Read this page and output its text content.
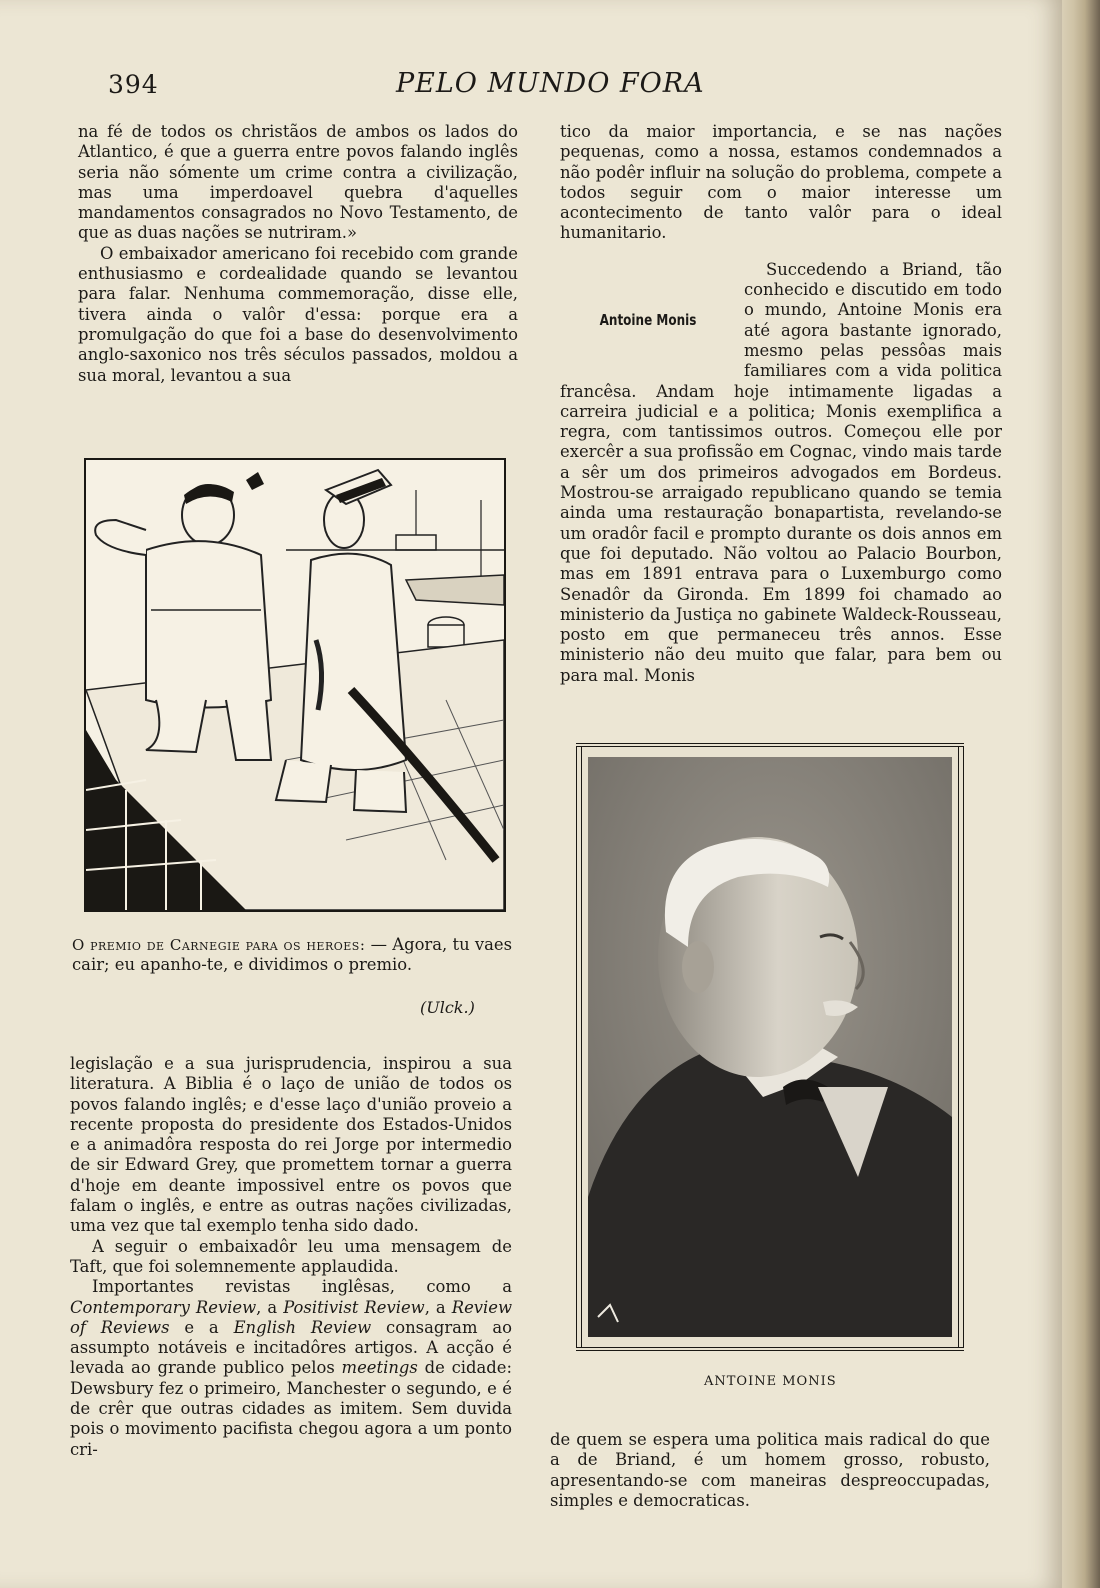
394	PELO MUNDO FORA

na fé de todos os christãos de ambos os lados do Atlantico, é que a guerra entre povos falando inglês seria não sómente um crime contra a civilização, mas uma imperdoavel quebra d'aquelles mandamentos consagrados no Novo Testamento, de que as duas nações se nutriram.»

O embaixador americano foi recebido com grande enthusiasmo e cordealidade quando se levantou para falar. Nenhuma commemoração, disse elle, tivera ainda o valôr d'essa: porque era a promulgação do que foi a base do desenvolvimento anglo-saxonico nos três séculos passados, moldou a sua moral, levantou a sua

O premio de Carnegie para os heroes: — Agora, tu vaes cair; eu apanho-te, e dividimos o premio.
(Ulck.)

legislação e a sua jurisprudencia, inspirou a sua literatura. A Biblia é o laço de união de todos os povos falando inglês; e d'esse laço d'união proveio a recente proposta do presidente dos Estados-Unidos e a animadôra resposta do rei Jorge por intermedio de sir Edward Grey, que promettem tornar a guerra d'hoje em deante impossivel entre os povos que falam o inglês, e entre as outras nações civilizadas, uma vez que tal exemplo tenha sido dado.

A seguir o embaixadôr leu uma mensagem de Taft, que foi solemnemente applaudida.

Importantes revistas inglêsas, como a Contemporary Review, a Positivist Review, a Review of Reviews e a English Review consagram ao assumpto notáveis e incitadôres artigos. A acção é levada ao grande publico pelos meetings de cidade: Dewsbury fez o primeiro, Manchester o segundo, e é de crêr que outras cidades as imitem. Sem duvida pois o movimento pacifista chegou agora a um ponto cri-

tico da maior importancia, e se nas nações pequenas, como a nossa, estamos condemnados a não podêr influir na solução do problema, compete a todos seguir com o maior interesse um acontecimento de tanto valôr para o ideal humanitario.

Antoine Monis

Succedendo a Briand, tão conhecido e discutido em todo o mundo, Antoine Monis era até agora bastante ignorado, mesmo pelas pessôas mais familiares com a vida politica francêsa. Andam hoje intimamente ligadas a carreira judicial e a politica; Monis exemplifica a regra, com tantissimos outros. Começou elle por exercêr a sua profissão em Cognac, vindo mais tarde a sêr um dos primeiros advogados em Bordeus. Mostrou-se arraigado republicano quando se temia ainda uma restauração bonapartista, revelando-se um oradôr facil e prompto durante os dois annos em que foi deputado. Não voltou ao Palacio Bourbon, mas em 1891 entrava para o Luxemburgo como Senadôr da Gironda. Em 1899 foi chamado ao ministerio da Justiça no gabinete Waldeck-Rousseau, posto em que permaneceu três annos. Esse ministerio não deu muito que falar, para bem ou para mal. Monis

ANTOINE MONIS

de quem se espera uma politica mais radical do que a de Briand, é um homem grosso, robusto, apresentando-se com maneiras despreoccupadas, simples e democraticas.
